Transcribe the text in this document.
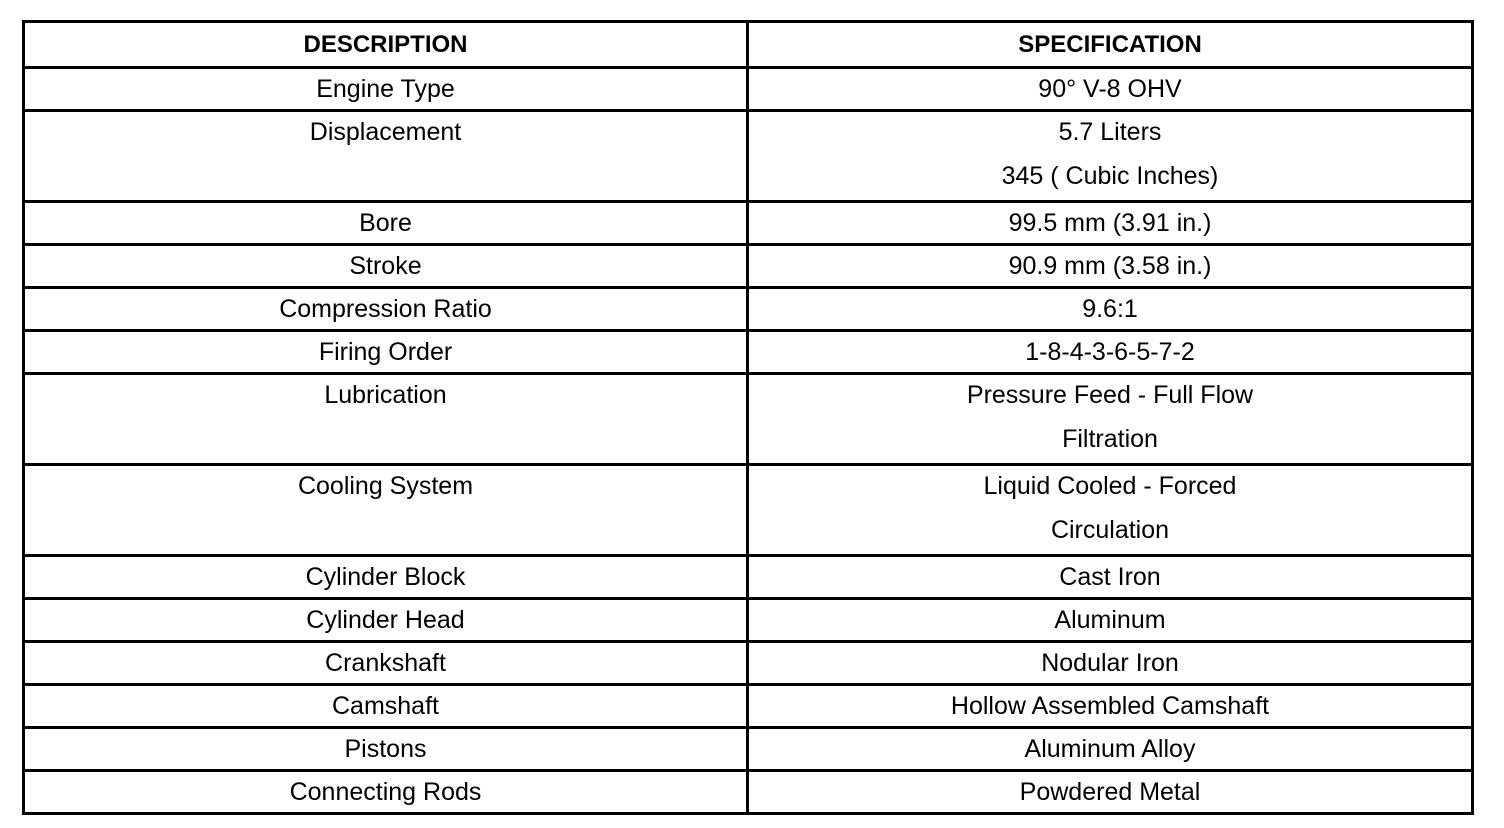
DESCRIPTION	SPECIFICATION
Engine Type	90° V-8 OHV

Displacement	5.7 Liters
345 ( Cubic Inches)

Bore	99.5 mm (3.91 in.)
Stroke	90.9 mm (3.58 in.)
Compression Ratio	9.6:1
Firing Order	1-8-4-3-6-5-7-2

Lubrication	Pressure Feed - Full Flow
Filtration

Cooling System	Liquid Cooled - Forced
Circulation

Cylinder Block	Cast Iron
Cylinder Head	Aluminum
Crankshaft	Nodular Iron
Camshaft	Hollow Assembled Camshaft
Pistons	Aluminum Alloy
Connecting Rods	Powdered Metal
